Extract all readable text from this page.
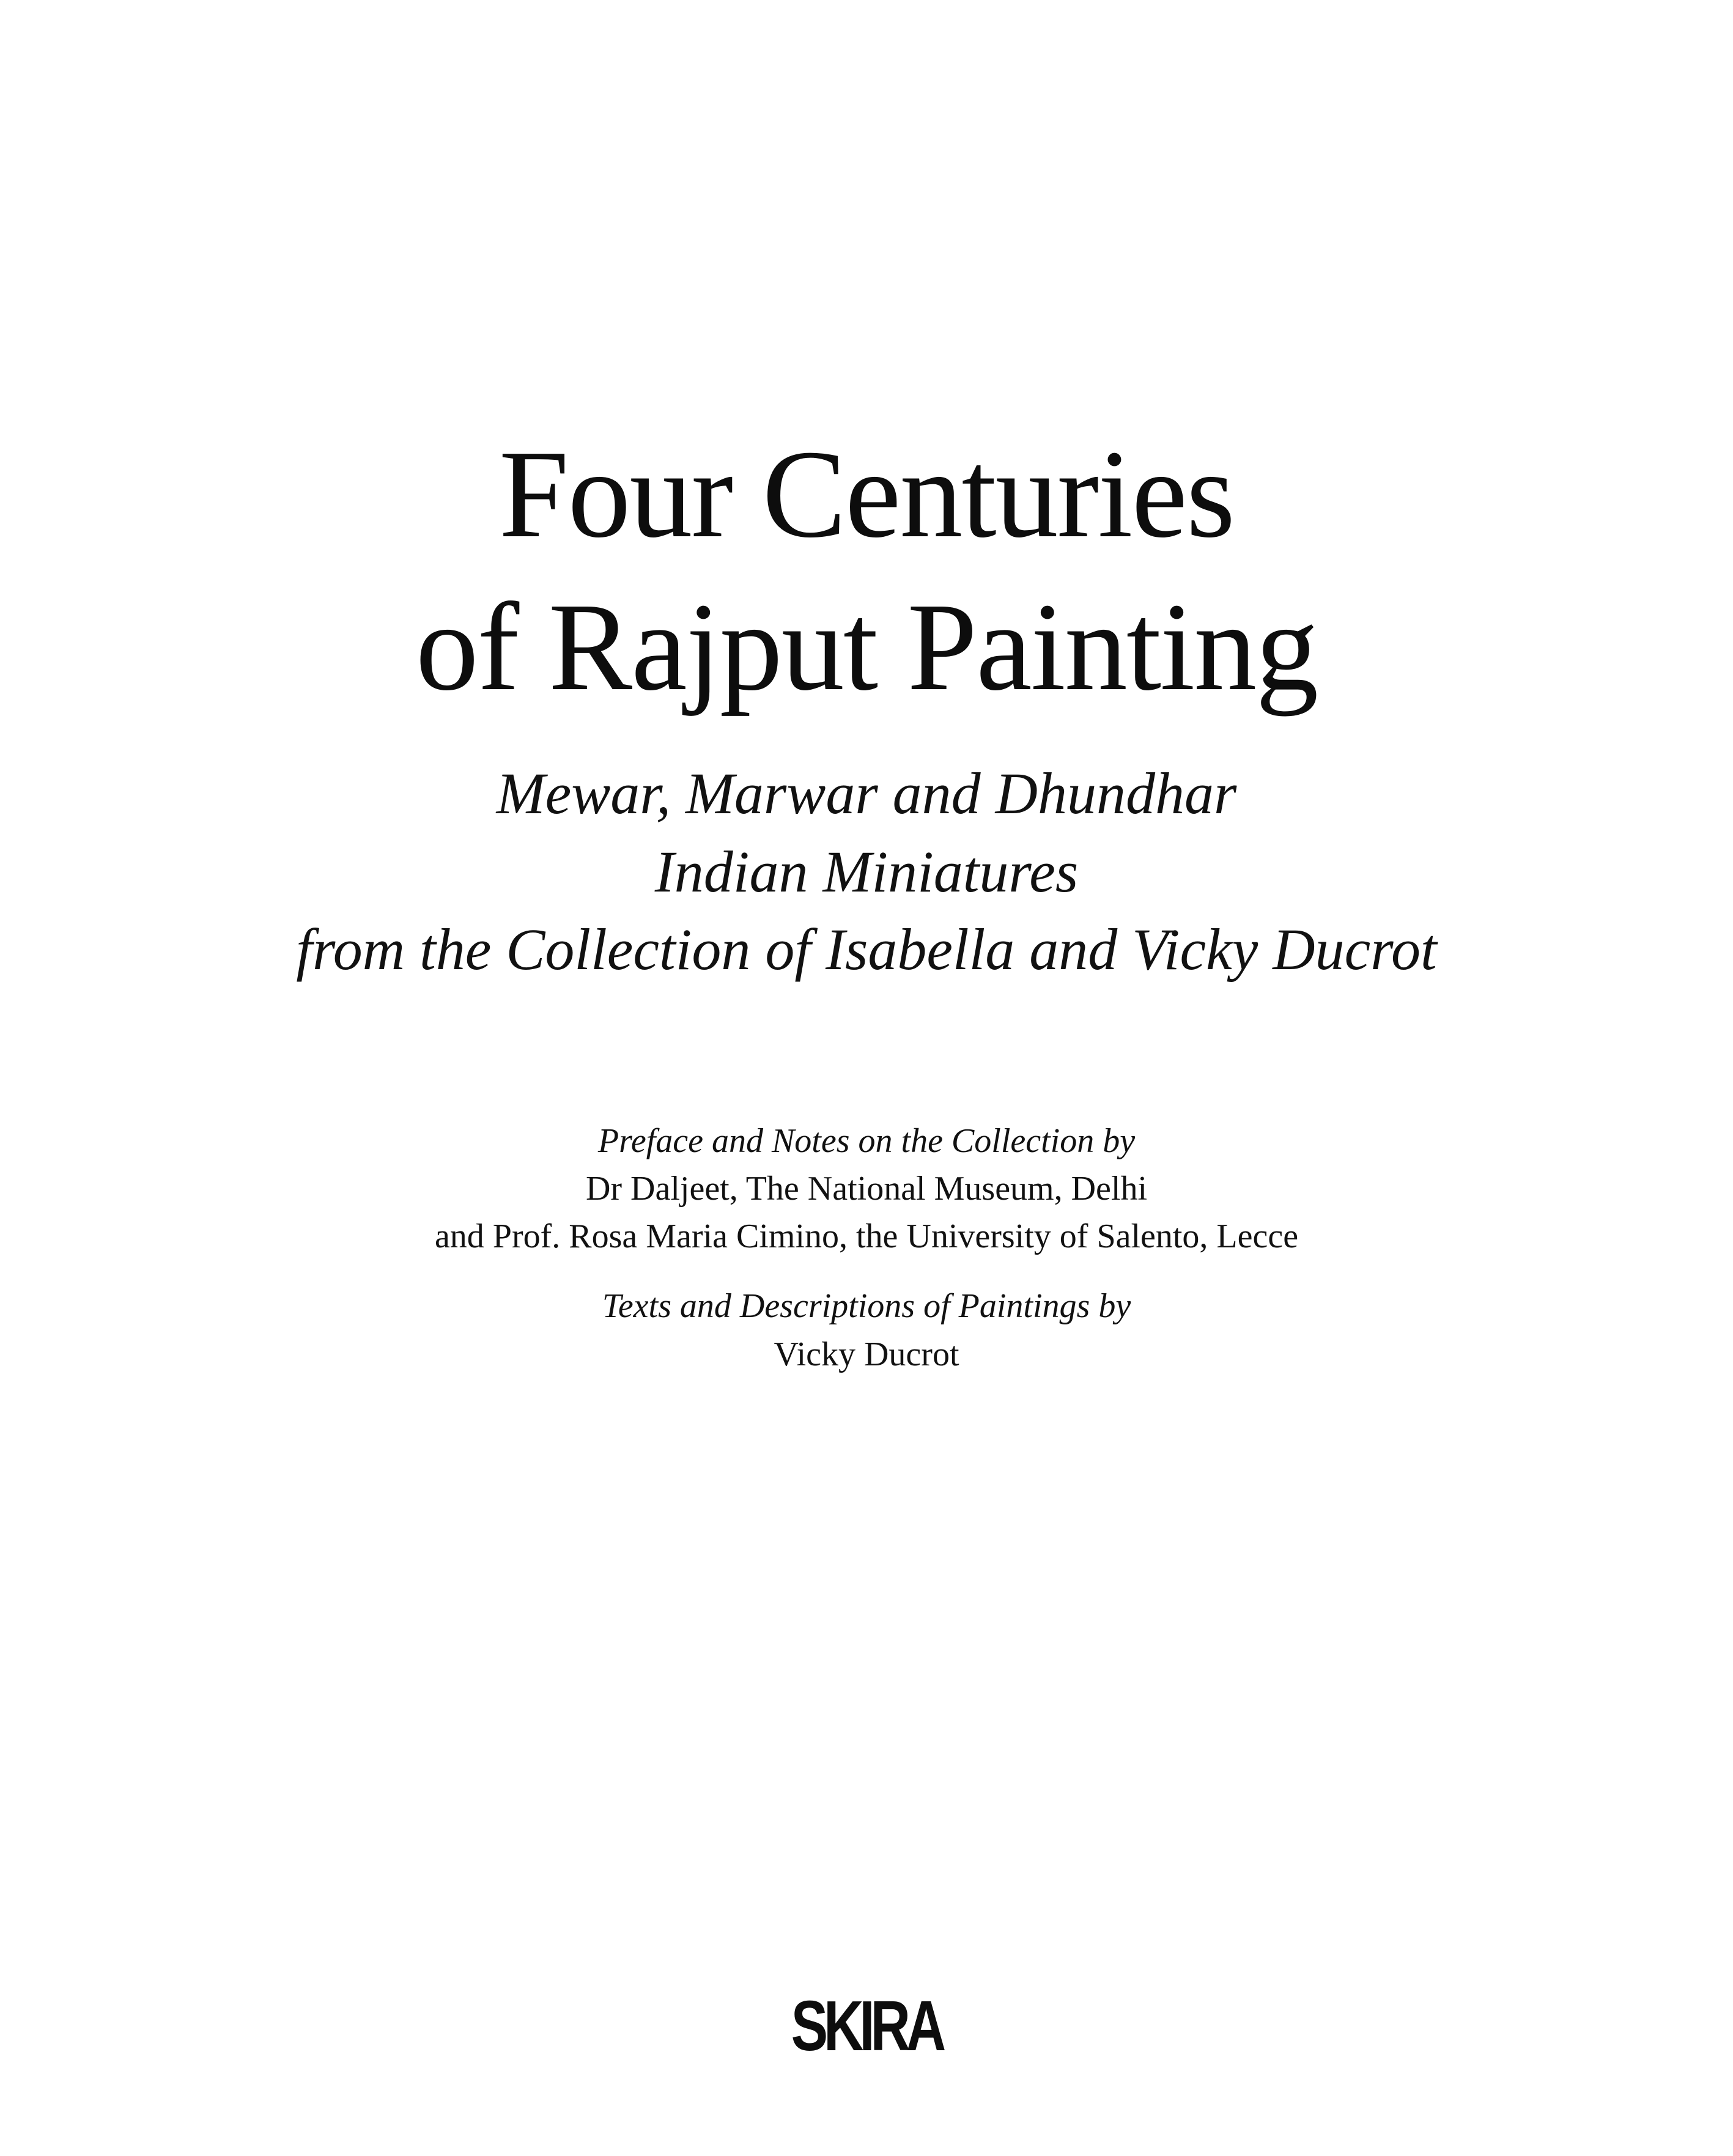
Four Centuries
of Rajput Painting
Mewar, Marwar and Dhundhar
Indian Miniatures
from the Collection of Isabella and Vicky Ducrot
Preface and Notes on the Collection by
Dr Daljeet, The National Museum, Delhi
and Prof. Rosa Maria Cimino, the University of Salento, Lecce
Texts and Descriptions of Paintings by
Vicky Ducrot
SKIRA
